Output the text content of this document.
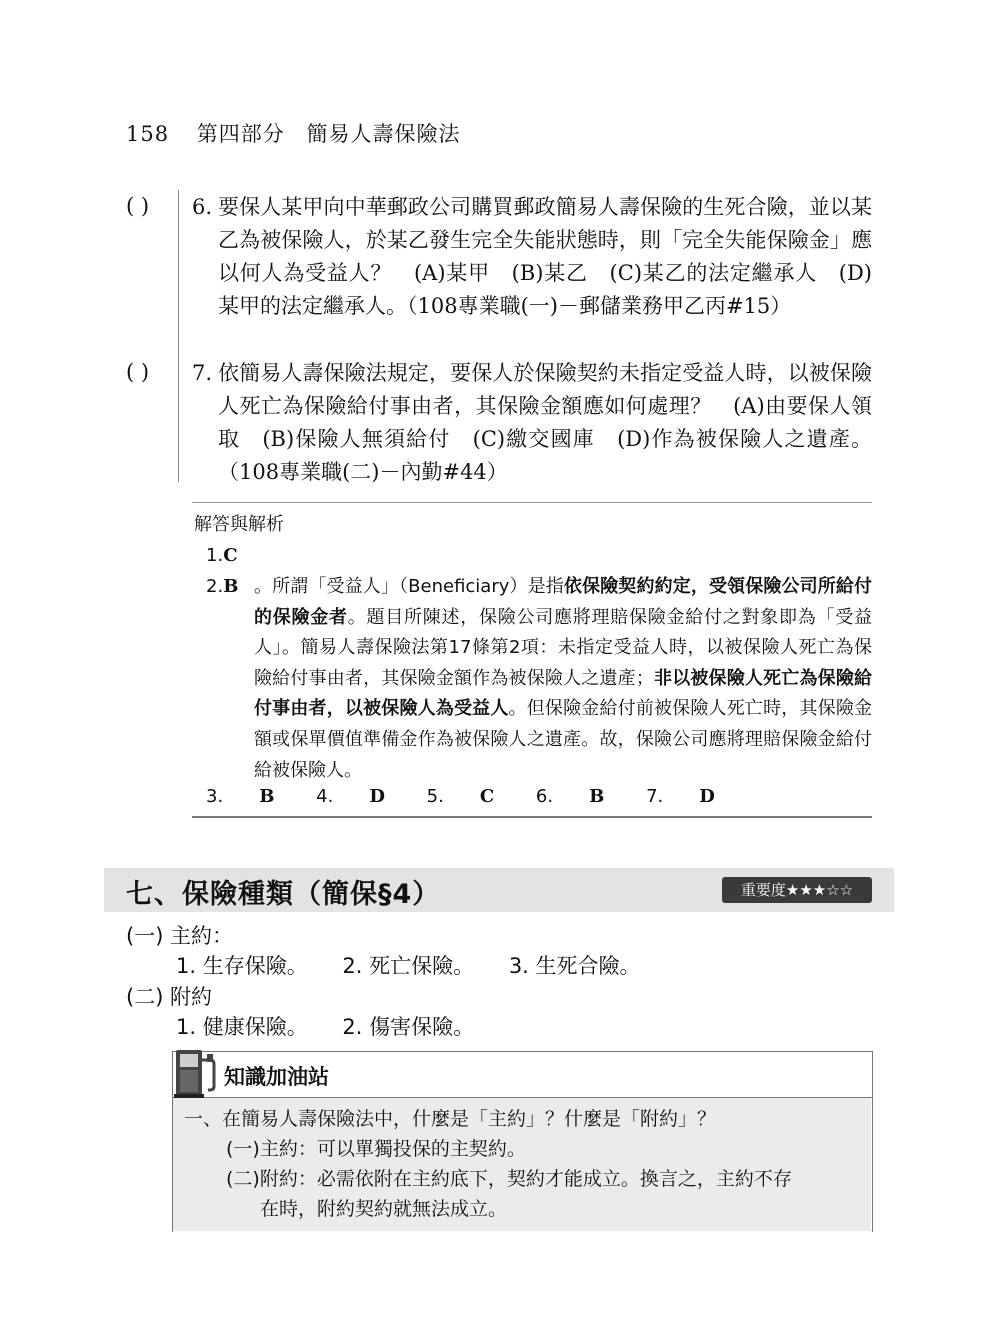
158 第四部分 簡易人壽保險法
( ) 6. 要保人某甲向中華郵政公司購買郵政簡易人壽保險的生死合險，並以某乙為被保險人，於某乙發生完全失能狀態時，則「完全失能保險金」應以何人為受益人？　(A)某甲　(B)某乙　(C)某乙的法定繼承人　(D)某甲的法定繼承人。（108專業職(一)－郵儲業務甲乙丙#15）
( ) 7. 依簡易人壽保險法規定，要保人於保險契約未指定受益人時，以被保險人死亡為保險給付事由者，其保險金額應如何處理？　(A)由要保人領取　(B)保險人無須給付　(C)繳交國庫　(D)作為被保險人之遺產。（108專業職(二)－內勤#44）
解答與解析
1.C
2.B 。所謂「受益人」（Beneficiary）是指依保險契約約定，受領保險公司所給付的保險金者。題目所陳述，保險公司應將理賠保險金給付之對象即為「受益人」。簡易人壽保險法第17條第2項：未指定受益人時，以被保險人死亡為保險給付事由者，其保險金額作為被保險人之遺產；非以被保險人死亡為保險給付事由者，以被保險人為受益人。但保險金給付前被保險人死亡時，其保險金額或保單價值準備金作為被保險人之遺產。故，保險公司應將理賠保險金給付給被保險人。
3. B 4. D 5. C 6. B 7. D
七、保險種類（簡保§4）	重要度★★★☆☆
(一) 主約：
1. 生存保險。 2. 死亡保險。 3. 生死合險。
(二) 附約
1. 健康保險。 2. 傷害保險。
知識加油站
一、在簡易人壽保險法中，什麼是「主約」？什麼是「附約」？
(一)主約：可以單獨投保的主契約。
(二)附約：必需依附在主約底下，契約才能成立。換言之，主約不存
在時，附約契約就無法成立。
